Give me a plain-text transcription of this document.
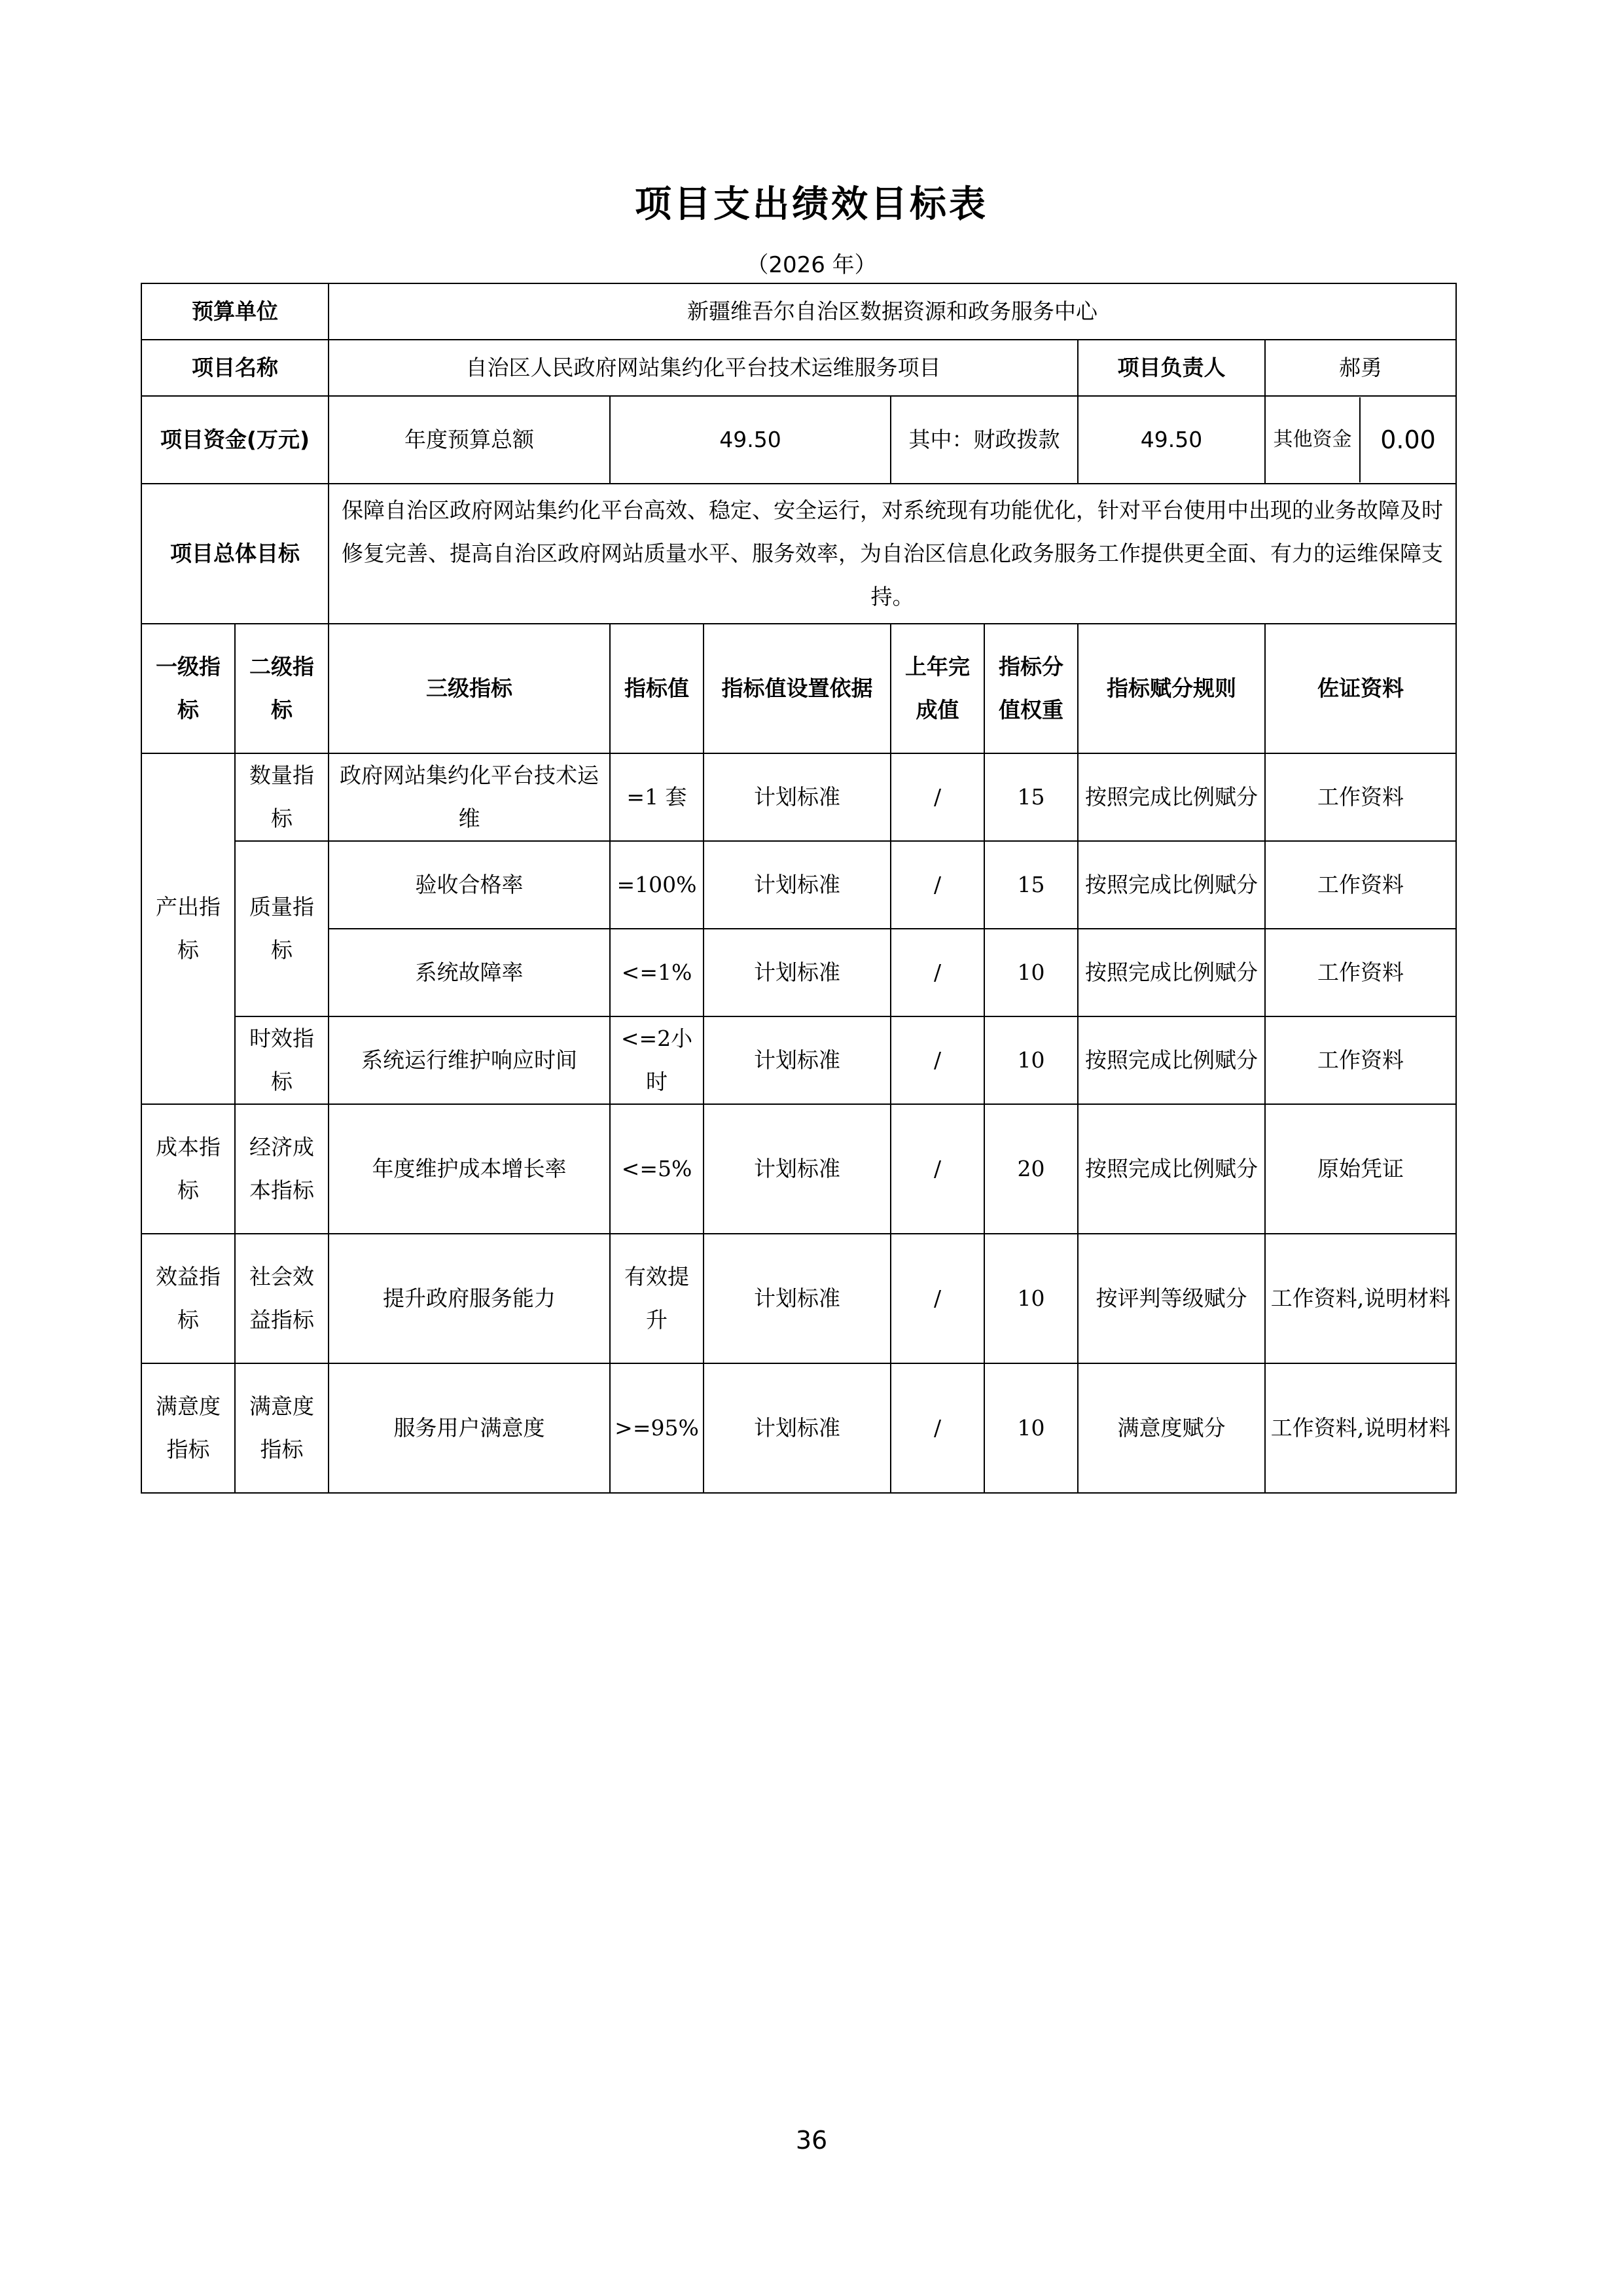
项目支出绩效目标表
（2026 年）
预算单位		新疆维吾尔自治区数据资源和政务服务中心						
项目名称		自治区人民政府网站集约化平台技术运维服务项目					项目负责人	郝勇
项目资金(万元)		年度预算总额	49.50		其中：财政拨款		49.50	其他资金 0.00

项目总体目标		保障自治区政府网站集约化平台高效、稳定、安全运行，对系统现有功能优化，针对平台使用中出现的业务故障及时修复完善、提高自治区政府网站质量水平、服务效率，为自治区信息化政务服务工作提供更全面、有力的运维保障支持。						
一级指标	二级指标	三级指标	指标值	指标值设置依据	上年完成值	指标分值权重	指标赋分规则	佐证资料
产出指标	数量指标	政府网站集约化平台技术运维	=1 套	计划标准	/	15	按照完成比例赋分	工作资料
	质量指标	验收合格率	=100%	计划标准	/	15	按照完成比例赋分	工作资料
		系统故障率	<=1%	计划标准	/	10	按照完成比例赋分	工作资料
	时效指标	系统运行维护响应时间	<=2小时	计划标准	/	10	按照完成比例赋分	工作资料
成本指标	经济成本指标	年度维护成本增长率	<=5%	计划标准	/	20	按照完成比例赋分	原始凭证
效益指标	社会效益指标	提升政府服务能力	有效提升	计划标准	/	10	按评判等级赋分	工作资料,说明材料
满意度指标	满意度指标	服务用户满意度	>=95%	计划标准	/	10	满意度赋分	工作资料,说明材料
36
